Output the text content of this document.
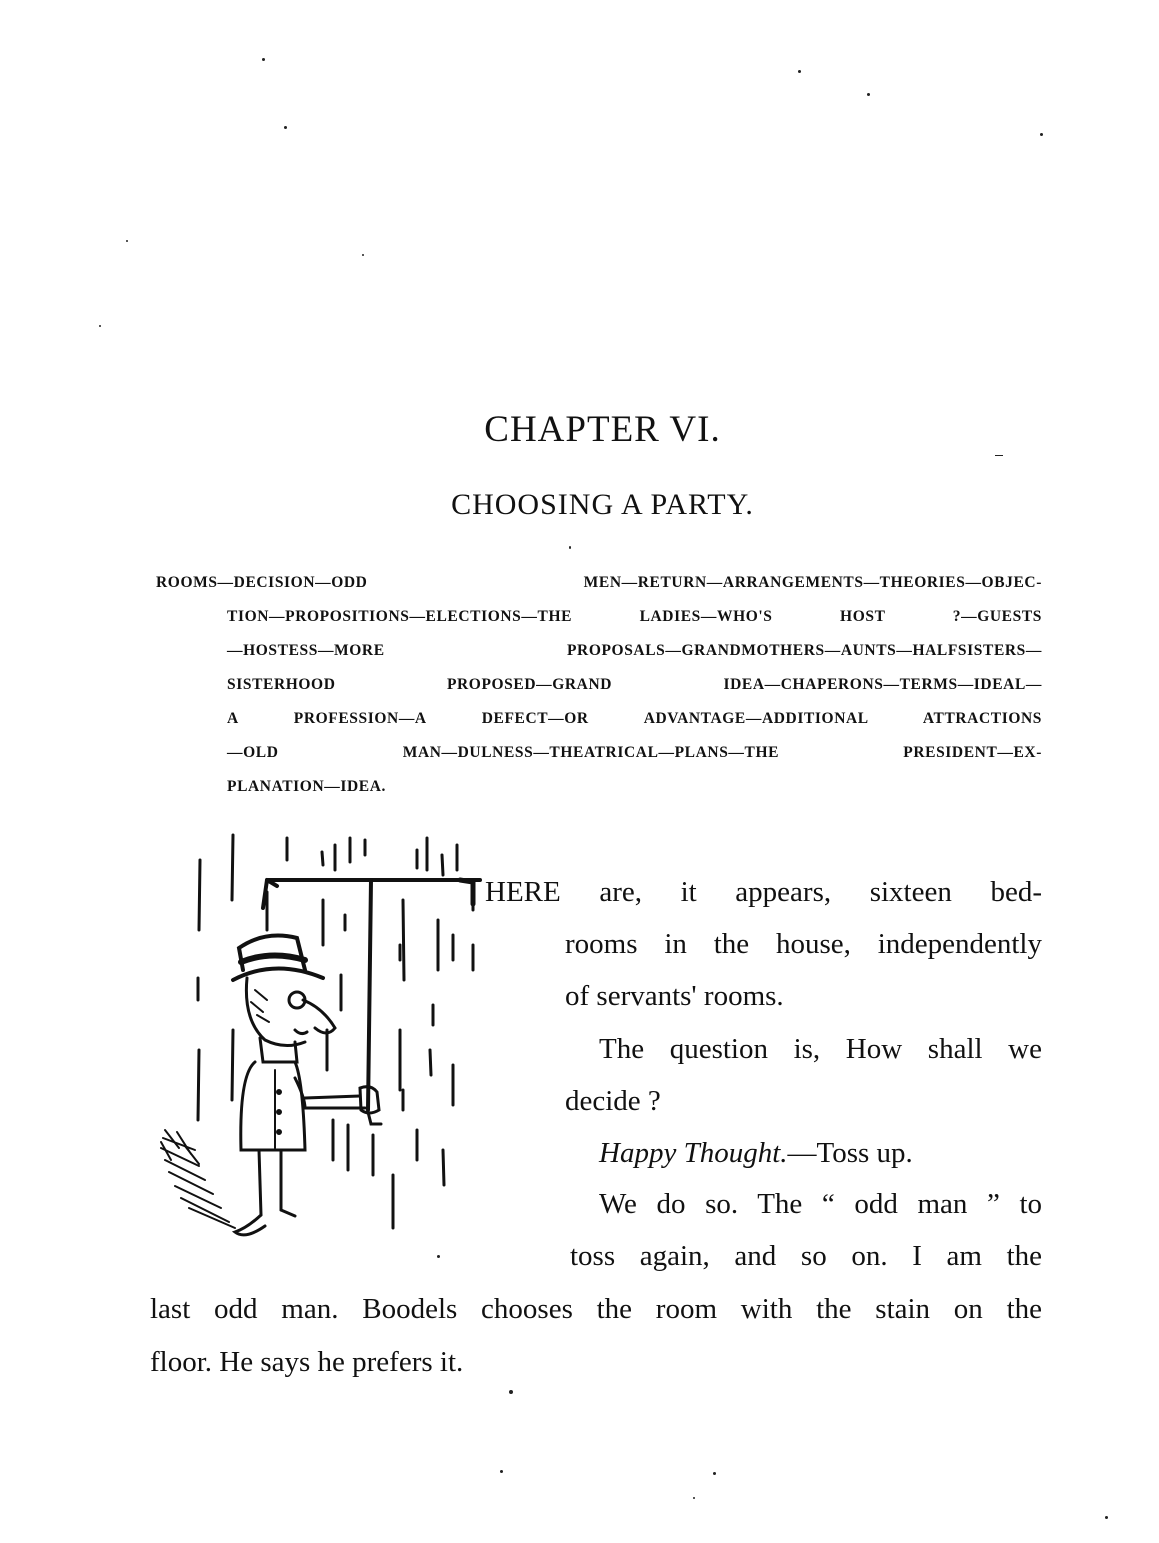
CHAPTER VI.
CHOOSING A PARTY.
ROOMS—DECISION—ODD MEN—RETURN—ARRANGEMENTS—THEORIES—OBJEC-
TION—PROPOSITIONS—ELECTIONS—THE LADIES—WHO'S HOST ?—GUESTS
—HOSTESS—MORE PROPOSALS—GRANDMOTHERS—AUNTS—HALFSISTERS—
SISTERHOOD PROPOSED—GRAND IDEA—CHAPERONS—TERMS—IDEAL—
A PROFESSION—A DEFECT—OR ADVANTAGE—ADDITIONAL ATTRACTIONS
—OLD MAN—DULNESS—THEATRICAL—PLANS—THE PRESIDENT—EX-
PLANATION—IDEA.
HERE are, it appears, sixteen bed-
rooms in the house, independently
of servants' rooms.
The question is, How shall we
decide ?
Happy Thought.—Toss up.
We do so. The “ odd man ” to
toss again, and so on. I am the
last odd man. Boodels chooses the room with the stain on the
floor. He says he prefers it.
